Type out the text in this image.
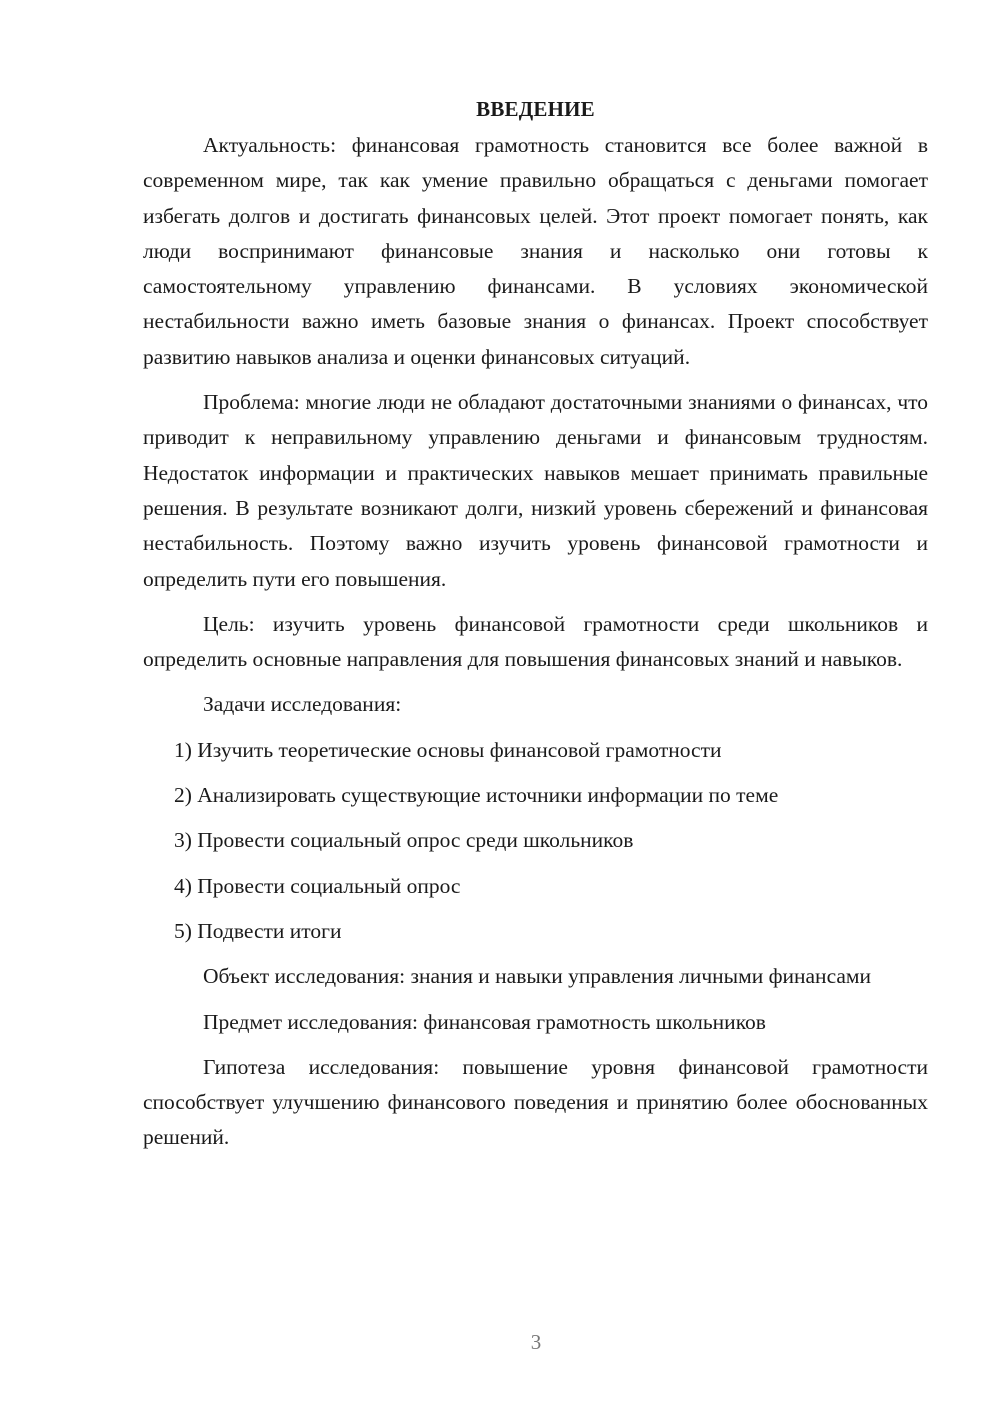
ВВЕДЕНИЕ

Актуальность: финансовая грамотность становится все более важной в современном мире, так как умение правильно обращаться с деньгами помогает избегать долгов и достигать финансовых целей. Этот проект помогает понять, как люди воспринимают финансовые знания и насколько они готовы к самостоятельному управлению финансами. В условиях экономической нестабильности важно иметь базовые знания о финансах. Проект способствует развитию навыков анализа и оценки финансовых ситуаций.

Проблема: многие люди не обладают достаточными знаниями о финансах, что приводит к неправильному управлению деньгами и финансовым трудностям. Недостаток информации и практических навыков мешает принимать правильные решения. В результате возникают долги, низкий уровень сбережений и финансовая нестабильность. Поэтому важно изучить уровень финансовой грамотности и определить пути его повышения.

Цель: изучить уровень финансовой грамотности среди школьников и определить основные направления для повышения финансовых знаний и навыков.

Задачи исследования:

1) Изучить теоретические основы финансовой грамотности
2) Анализировать существующие источники информации по теме
3) Провести социальный опрос среди школьников
4) Провести социальный опрос
5) Подвести итоги

Объект исследования: знания и навыки управления личными финансами

Предмет исследования: финансовая грамотность школьников

Гипотеза исследования: повышение уровня финансовой грамотности способствует улучшению финансового поведения и принятию более обоснованных решений.

3
